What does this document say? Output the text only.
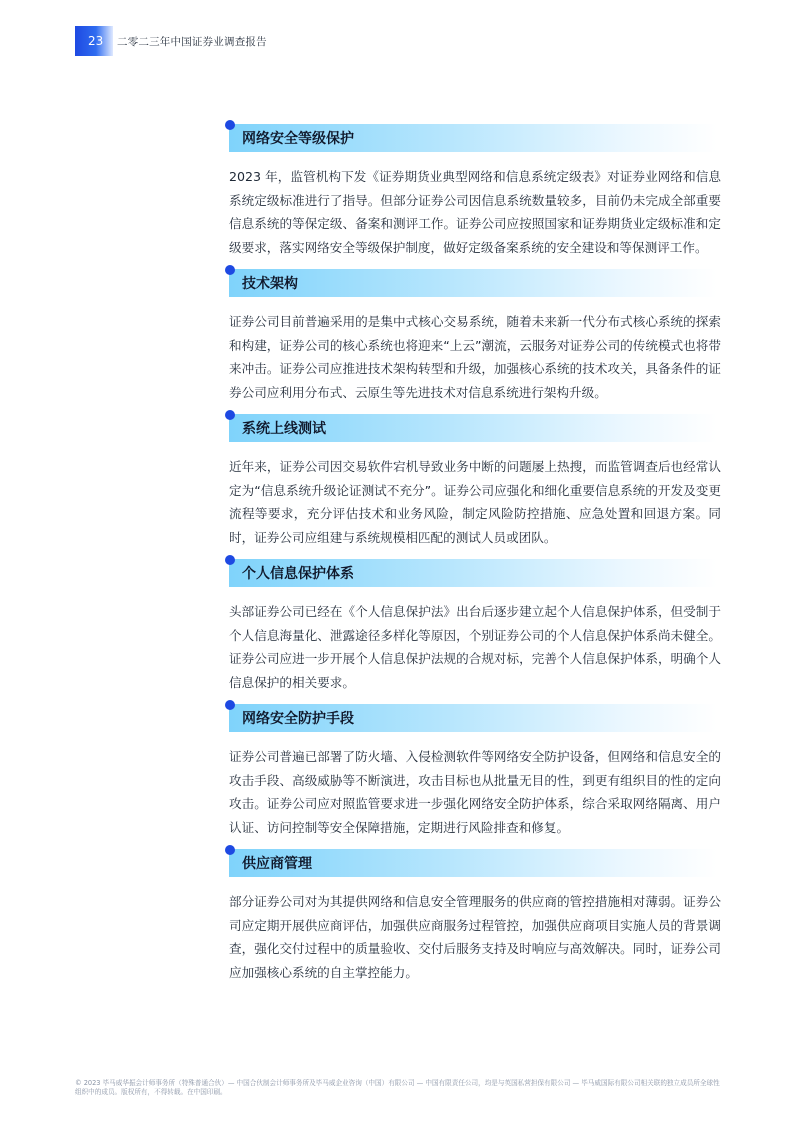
23	二零二三年中国证券业调查报告
网络安全等级保护

2023 年，监管机构下发《证券期货业典型网络和信息系统定级表》对证券业网络和信息系统定级标准进行了指导。但部分证券公司因信息系统数量较多，目前仍未完成全部重要信息系统的等保定级、备案和测评工作。证券公司应按照国家和证券期货业定级标准和定级要求，落实网络安全等级保护制度，做好定级备案系统的安全建设和等保测评工作。

技术架构

证券公司目前普遍采用的是集中式核心交易系统，随着未来新一代分布式核心系统的探索和构建，证券公司的核心系统也将迎来“上云”潮流，云服务对证券公司的传统模式也将带来冲击。证券公司应推进技术架构转型和升级，加强核心系统的技术攻关，具备条件的证券公司应利用分布式、云原生等先进技术对信息系统进行架构升级。

系统上线测试

近年来，证券公司因交易软件宕机导致业务中断的问题屡上热搜，而监管调查后也经常认定为“信息系统升级论证测试不充分”。证券公司应强化和细化重要信息系统的开发及变更流程等要求，充分评估技术和业务风险，制定风险防控措施、应急处置和回退方案。同时，证券公司应组建与系统规模相匹配的测试人员或团队。

个人信息保护体系

头部证券公司已经在《个人信息保护法》出台后逐步建立起个人信息保护体系，但受制于个人信息海量化、泄露途径多样化等原因，个别证券公司的个人信息保护体系尚未健全。证券公司应进一步开展个人信息保护法规的合规对标，完善个人信息保护体系，明确个人信息保护的相关要求。

网络安全防护手段

证券公司普遍已部署了防火墙、入侵检测软件等网络安全防护设备，但网络和信息安全的攻击手段、高级威胁等不断演进，攻击目标也从批量无目的性，到更有组织目的性的定向攻击。证券公司应对照监管要求进一步强化网络安全防护体系，综合采取网络隔离、用户认证、访问控制等安全保障措施，定期进行风险排查和修复。

供应商管理

部分证券公司对为其提供网络和信息安全管理服务的供应商的管控措施相对薄弱。证券公司应定期开展供应商评估，加强供应商服务过程管控，加强供应商项目实施人员的背景调查，强化交付过程中的质量验收、交付后服务支持及时响应与高效解决。同时，证券公司应加强核心系统的自主掌控能力。

© 2023 毕马威华振会计师事务所（特殊普通合伙）— 中国合伙制会计师事务所及毕马威企业咨询（中国）有限公司 — 中国有限责任公司，均是与英国私营担保有限公司 — 毕马威国际有限公司相关联的独立成员所全球性组织中的成员。版权所有，不得转载。在中国印刷。
